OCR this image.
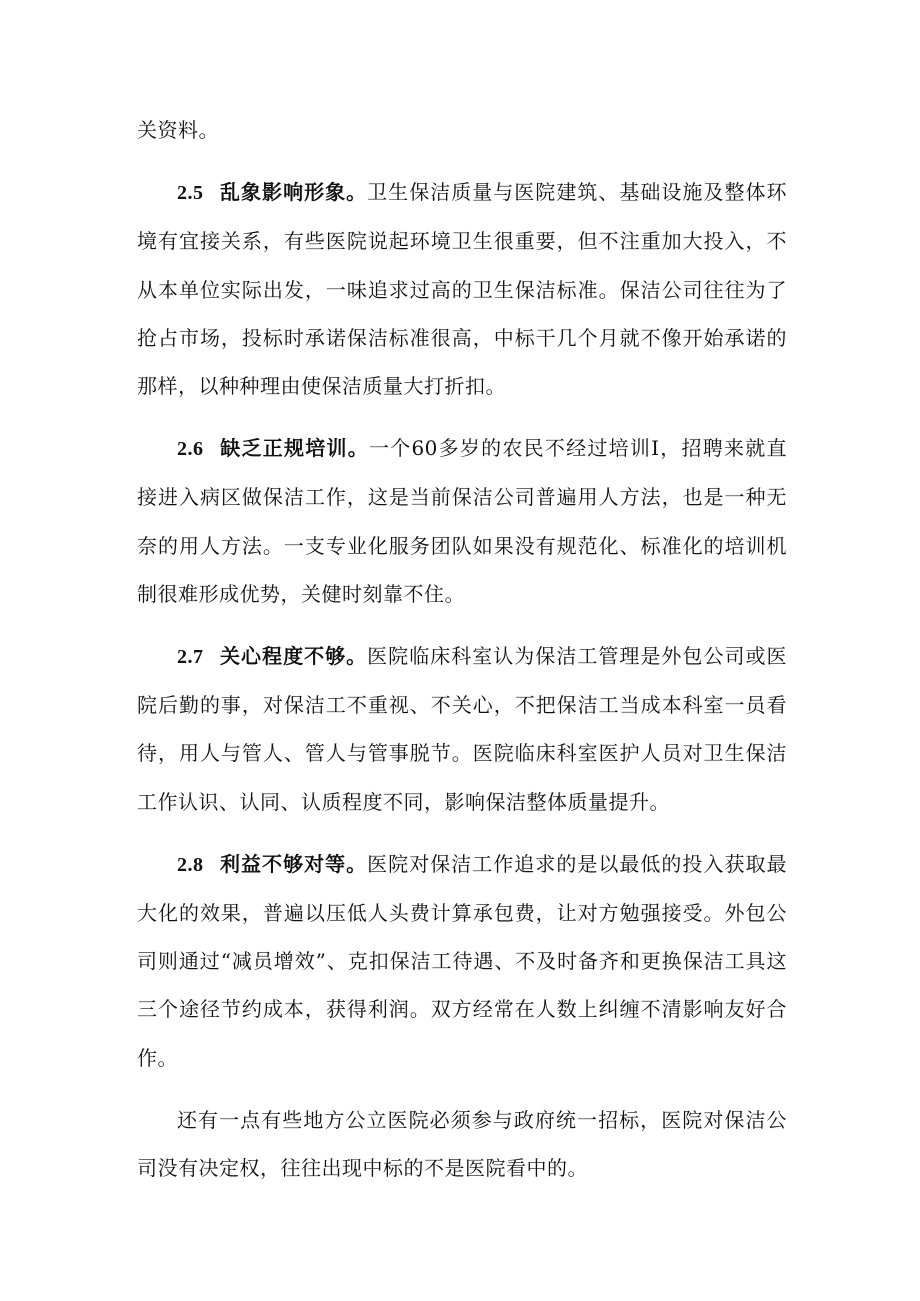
关资料。

2.5 乱象影响形象。卫生保洁质量与医院建筑、基础设施及整体环境有宜接关系，有些医院说起环境卫生很重要，但不注重加大投入，不从本单位实际出发，一味追求过高的卫生保洁标准。保洁公司往往为了抢占市场，投标时承诺保洁标准很高，中标干几个月就不像开始承诺的那样，以种种理由使保洁质量大打折扣。

2.6 缺乏正规培训。一个60多岁的农民不经过培训I，招聘来就直接进入病区做保洁工作，这是当前保洁公司普遍用人方法，也是一种无奈的用人方法。一支专业化服务团队如果没有规范化、标准化的培训机制很难形成优势，关健时刻靠不住。

2.7 关心程度不够。医院临床科室认为保洁工管理是外包公司或医院后勤的事，对保洁工不重视、不关心，不把保洁工当成本科室一员看待，用人与管人、管人与管事脱节。医院临床科室医护人员对卫生保洁工作认识、认同、认质程度不同，影响保洁整体质量提升。

2.8 利益不够对等。医院对保洁工作追求的是以最低的投入获取最大化的效果，普遍以压低人头费计算承包费，让对方勉强接受。外包公司则通过“减员增效”、克扣保洁工待遇、不及时备齐和更换保洁工具这三个途径节约成本，获得利润。双方经常在人数上纠缠不清影响友好合作。

还有一点有些地方公立医院必须参与政府统一招标，医院对保洁公司没有决定权，往往出现中标的不是医院看中的。
